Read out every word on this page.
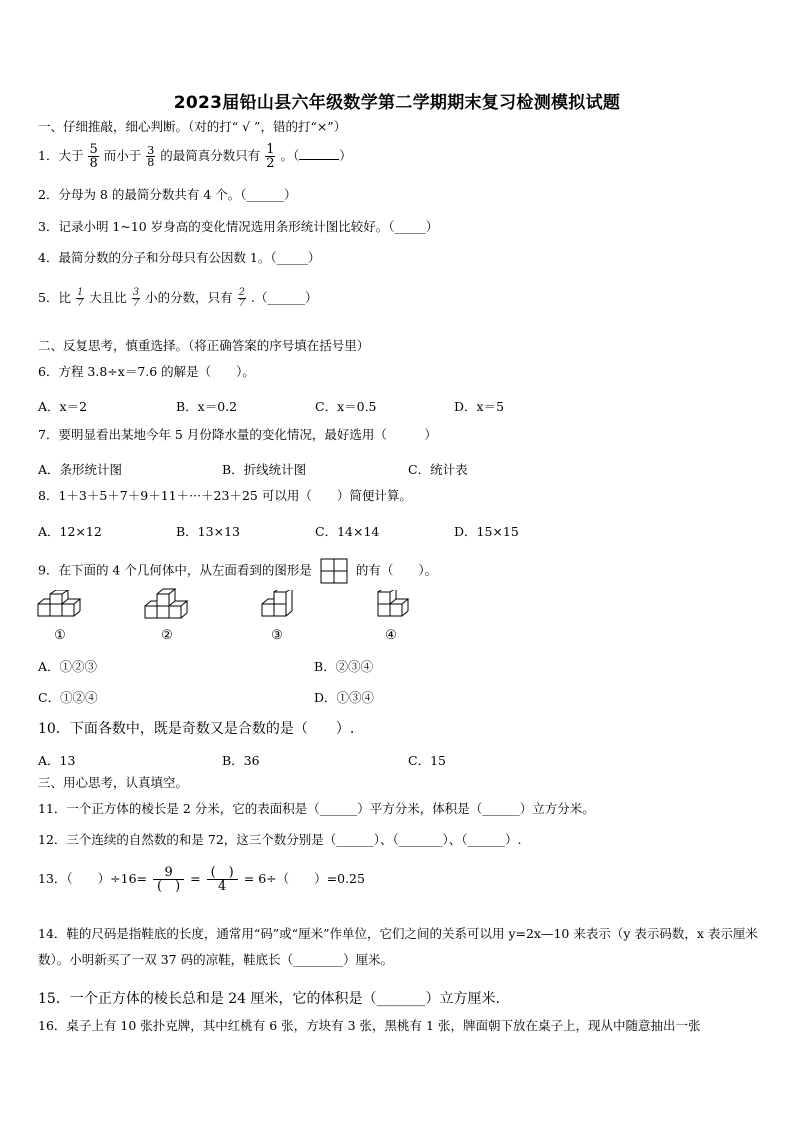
2023届铅山县六年级数学第二学期期末复习检测模拟试题
一、仔细推敲，细心判断。（对的打“ √ ”，错的打“×”）
1．大于 $\frac{5}{8}$ 而小于 $\frac{3}{8}$ 的最简真分数只有 $\frac{1}{2}$ 。（	）
2．分母为 8 的最简分数共有 4 个。（______）
3．记录小明 1~10 岁身高的变化情况选用条形统计图比较好。（_____）
4．最简分数的分子和分母只有公因数 1。（_____）
5．比 $\frac{1}{7}$ 大且比 $\frac{3}{7}$ 小的分数，只有 $\frac{2}{7}$ .（______）
二、反复思考，慎重选择。（将正确答案的序号填在括号里）
6．方程 3.8÷x＝7.6 的解是（　　）。
A．x＝2	B．x＝0.2	C．x＝0.5	D．x＝5
7．要明显看出某地今年 5 月份降水量的变化情况，最好选用（　　　）
A．条形统计图	B．折线统计图	C．统计表
8．1＋3＋5＋7＋9＋11＋···＋23＋25 可以用（　　）简便计算。
A．12×12	B．13×13	C．14×14	D．15×15
9．在下面的 4 个几何体中，从左面看到的图形是	的有（　　）。
①	②	③	④
A．①②③	B．②③④
C．①②④	D．①③④
10．下面各数中，既是奇数又是合数的是（　　）.
A．13	B．36	C．15
三、用心思考，认真填空。
11．一个正方体的棱长是 2 分米，它的表面积是（______）平方分米，体积是（______）立方分米。
12．三个连续的自然数的和是 72，这三个数分别是（______）、（_______）、（______）.
13．（　　）÷16=	9
(　)
= (　)
4
= 6÷（　　）=0.25
14．鞋的尺码是指鞋底的长度，通常用“码”或“厘米”作单位，它们之间的关系可以用 y=2x—10 来表示（y 表示码数，x 表示厘米数）。小明新买了一双 37 码的凉鞋，鞋底长（________）厘米。
15．一个正方体的棱长总和是 24 厘米，它的体积是（_______）立方厘米.
16．桌子上有 10 张扑克牌，其中红桃有 6 张，方块有 3 张，黑桃有 1 张，牌面朝下放在桌子上，现从中随意抽出一张
